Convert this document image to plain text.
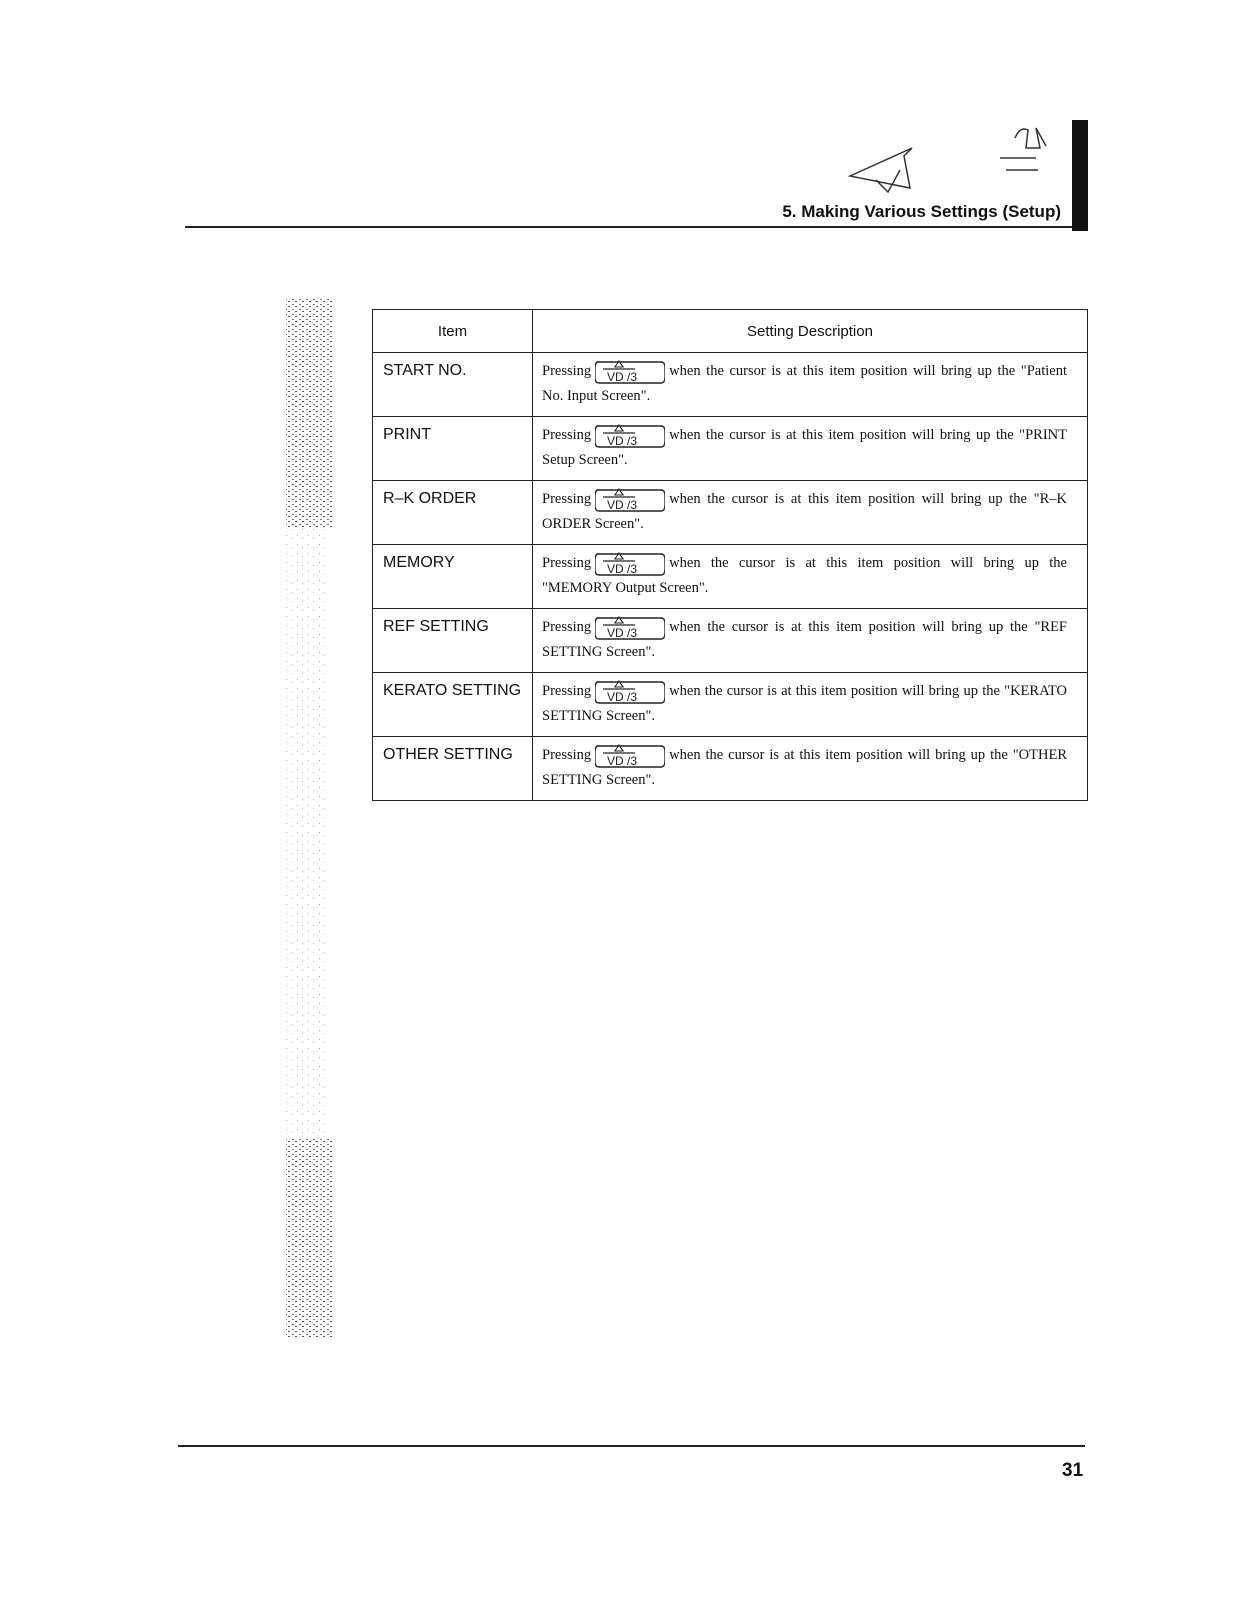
5. Making Various Settings (Setup)
Item	Setting Description
START NO.	Pressing VD /3 when the cursor is at this item position will bring up the "Patient No. Input Screen".
PRINT	Pressing VD /3 when the cursor is at this item position will bring up the "PRINT Setup Screen".
R–K ORDER	Pressing VD /3 when the cursor is at this item position will bring up the "R–K ORDER Screen".
MEMORY	Pressing VD /3 when the cursor is at this item position will bring up the "MEMORY Output Screen".
REF SETTING	Pressing VD /3 when the cursor is at this item position will bring up the "REF SETTING Screen".
KERATO SETTING	Pressing VD /3 when the cursor is at this item position will bring up the "KERATO SETTING Screen".
OTHER SETTING	Pressing VD /3 when the cursor is at this item position will bring up the "OTHER SETTING Screen".
31
